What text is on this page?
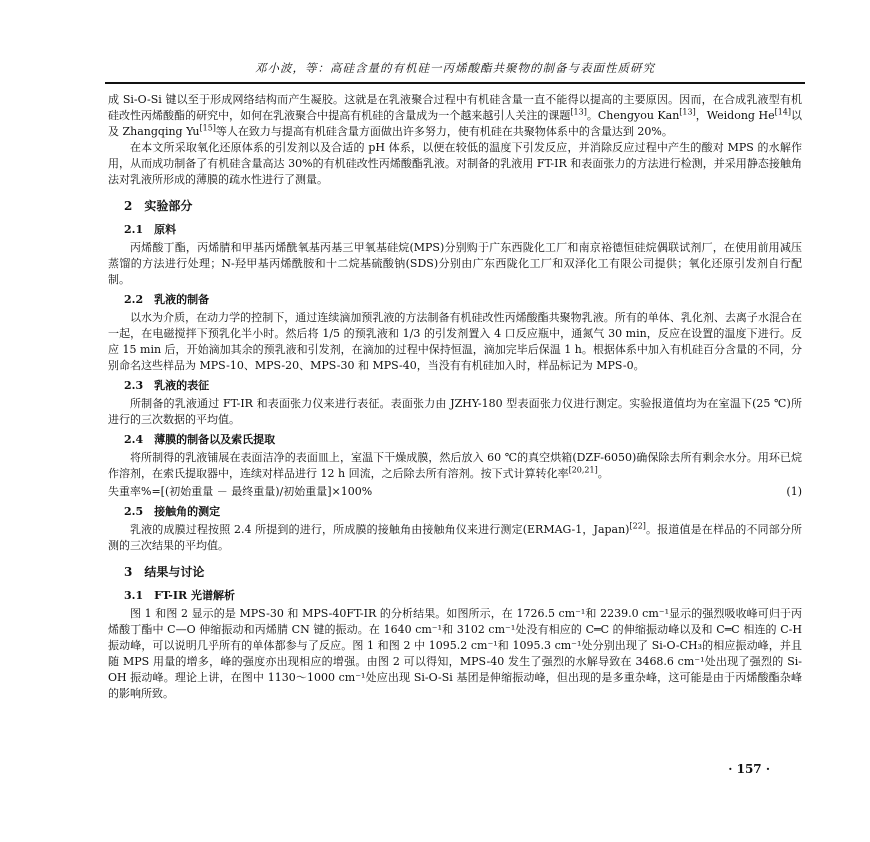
邓小波，等：高硅含量的有机硅一丙烯酸酯共聚物的制备与表面性质研究

成 Si-O-Si 键以至于形成网络结构而产生凝胶。这就是在乳液聚合过程中有机硅含量一直不能得以提高的主要原因。因而，在合成乳液型有机硅改性丙烯酸酯的研究中，如何在乳液聚合中提高有机硅的含量成为一个越来越引人关注的课题[13]。Chengyou Kan[13]，Weidong He[14]以及 Zhangqing Yu[15]等人在致力与提高有机硅含量方面做出许多努力，使有机硅在共聚物体系中的含量达到 20%。

在本文所采取氧化还原体系的引发剂以及合适的 pH 体系，以便在较低的温度下引发反应，并消除反应过程中产生的酸对 MPS 的水解作用，从而成功制备了有机硅含量高达 30%的有机硅改性丙烯酸酯乳液。对制备的乳液用 FT-IR 和表面张力的方法进行检测，并采用静态接触角法对乳液所形成的薄膜的疏水性进行了测量。

2　实验部分
2.1　原料

丙烯酸丁酯，丙烯腈和甲基丙烯酰氧基丙基三甲氧基硅烷(MPS)分别购于广东西陇化工厂和南京裕德恒硅烷偶联试剂厂，在使用前用减压蒸馏的方法进行处理；N-羟甲基丙烯酰胺和十二烷基硫酸钠(SDS)分别由广东西陇化工厂和双泽化工有限公司提供；氧化还原引发剂自行配制。

2.2　乳液的制备

以水为介质，在动力学的控制下，通过连续滴加预乳液的方法制备有机硅改性丙烯酸酯共聚物乳液。所有的单体、乳化剂、去离子水混合在一起，在电磁搅拌下预乳化半小时。然后将 1/5 的预乳液和 1/3 的引发剂置入 4 口反应瓶中，通氮气 30 min，反应在设置的温度下进行。反应 15 min 后，开始滴加其余的预乳液和引发剂，在滴加的过程中保持恒温，滴加完毕后保温 1 h。根据体系中加入有机硅百分含量的不同，分别命名这些样品为 MPS-10、MPS-20、MPS-30 和 MPS-40，当没有有机硅加入时，样品标记为 MPS-0。

2.3　乳液的表征

所制备的乳液通过 FT-IR 和表面张力仪来进行表征。表面张力由 JZHY-180 型表面张力仪进行测定。实验报道值均为在室温下(25 ℃)所进行的三次数据的平均值。

2.4　薄膜的制备以及索氏提取

将所制得的乳液铺展在表面洁净的表面皿上，室温下干燥成膜，然后放入 60 ℃的真空烘箱(DZF-6050)确保除去所有剩余水分。用环已烷作溶剂，在索氏提取器中，连续对样品进行 12 h 回流，之后除去所有溶剂。按下式计算转化率[20,21]。

失重率%=[(初始重量 － 最终重量)/初始重量]×100%	(1)
2.5　接触角的测定

乳液的成膜过程按照 2.4 所提到的进行，所成膜的接触角由接触角仪来进行测定(ERMAG-1，Japan)[22]。报道值是在样品的不同部分所测的三次结果的平均值。

3　结果与讨论
3.1　FT-IR 光谱解析

图 1 和图 2 显示的是 MPS-30 和 MPS-40FT-IR 的分析结果。如图所示，在 1726.5 cm⁻¹和 2239.0 cm⁻¹显示的强烈吸收峰可归于丙烯酸丁酯中 C—O 伸缩振动和丙烯腈 CN 键的振动。在 1640 cm⁻¹和 3102 cm⁻¹处没有相应的 C═C 的伸缩振动峰以及和 C═C 相连的 C-H 振动峰，可以说明几乎所有的单体都参与了反应。图 1 和图 2 中 1095.2 cm⁻¹和 1095.3 cm⁻¹处分别出现了 Si-O-CH₃的相应振动峰，并且随 MPS 用量的增多，峰的强度亦出现相应的增强。由图 2 可以得知，MPS-40 发生了强烈的水解导致在 3468.6 cm⁻¹处出现了强烈的 Si-OH 振动峰。理论上讲，在图中 1130～1000 cm⁻¹处应出现 Si-O-Si 基团是伸缩振动峰，但出现的是多重杂峰，这可能是由于丙烯酸酯杂峰的影响所致。

· 157 ·
